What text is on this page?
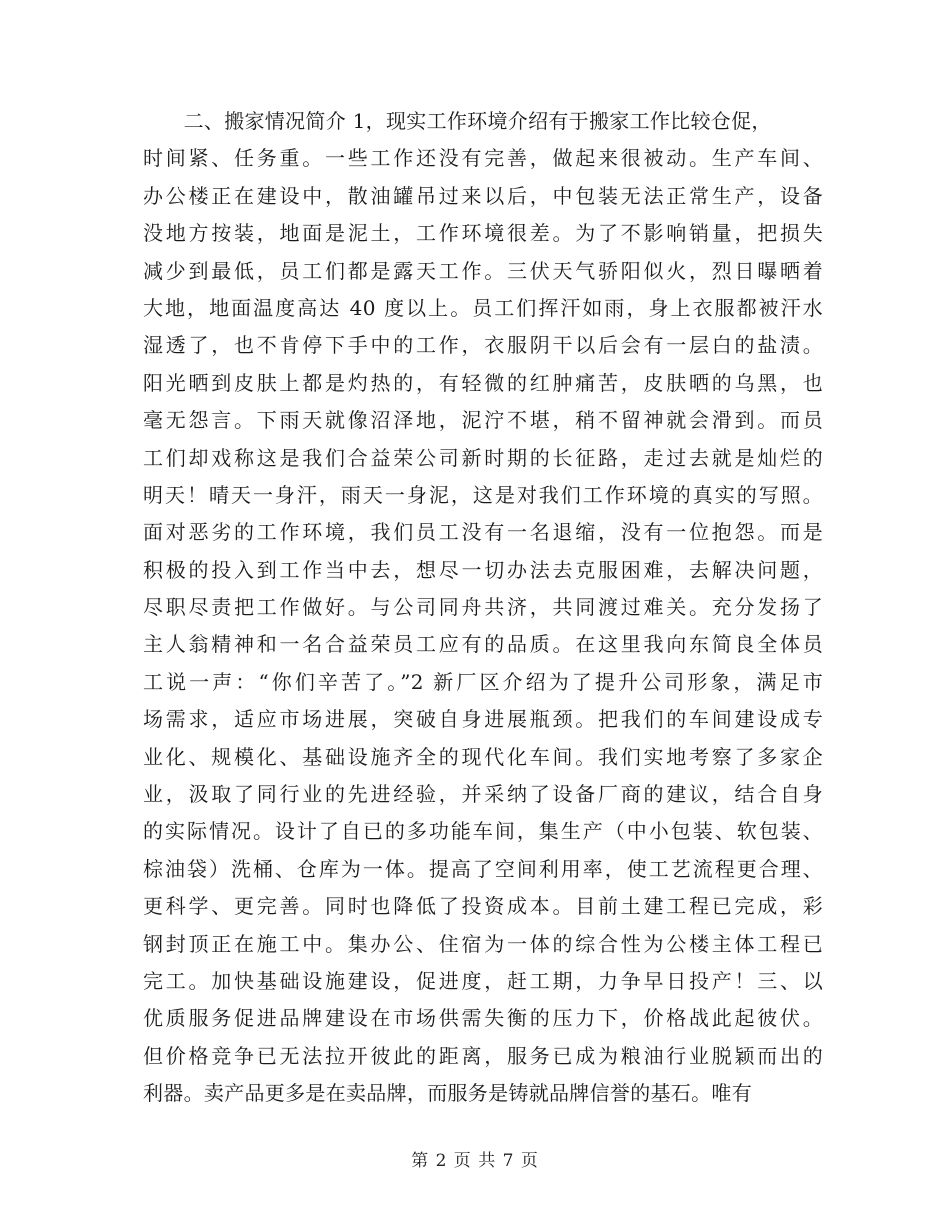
　　二、搬家情况简介 1，现实工作环境介绍有于搬家工作比较仓促，
时间紧、任务重。一些工作还没有完善，做起来很被动。生产车间、
办公楼正在建设中，散油罐吊过来以后，中包装无法正常生产，设备
没地方按装，地面是泥土，工作环境很差。为了不影响销量，把损失
减少到最低，员工们都是露天工作。三伏天气骄阳似火，烈日曝晒着
大地，地面温度高达 40 度以上。员工们挥汗如雨，身上衣服都被汗水
湿透了，也不肯停下手中的工作，衣服阴干以后会有一层白的盐渍。
阳光晒到皮肤上都是灼热的，有轻微的红肿痛苦，皮肤晒的乌黑，也
毫无怨言。下雨天就像沼泽地，泥泞不堪，稍不留神就会滑到。而员
工们却戏称这是我们合益荣公司新时期的长征路，走过去就是灿烂的
明天！晴天一身汗，雨天一身泥，这是对我们工作环境的真实的写照。
面对恶劣的工作环境，我们员工没有一名退缩，没有一位抱怨。而是
积极的投入到工作当中去，想尽一切办法去克服困难，去解决问题，
尽职尽责把工作做好。与公司同舟共济，共同渡过难关。充分发扬了
主人翁精神和一名合益荣员工应有的品质。在这里我向东简良全体员
工说一声：“你们辛苦了。”2 新厂区介绍为了提升公司形象，满足市
场需求，适应市场进展，突破自身进展瓶颈。把我们的车间建设成专
业化、规模化、基础设施齐全的现代化车间。我们实地考察了多家企
业，汲取了同行业的先进经验，并采纳了设备厂商的建议，结合自身
的实际情况。设计了自已的多功能车间，集生产（中小包装、软包装、
棕油袋）洗桶、仓库为一体。提高了空间利用率，使工艺流程更合理、
更科学、更完善。同时也降低了投资成本。目前土建工程已完成，彩
钢封顶正在施工中。集办公、住宿为一体的综合性为公楼主体工程已
完工。加快基础设施建设，促进度，赶工期，力争早日投产！三、以
优质服务促进品牌建设在市场供需失衡的压力下，价格战此起彼伏。
但价格竞争已无法拉开彼此的距离，服务已成为粮油行业脱颖而出的
利器。卖产品更多是在卖品牌，而服务是铸就品牌信誉的基石。唯有
第 2 页 共 7 页
